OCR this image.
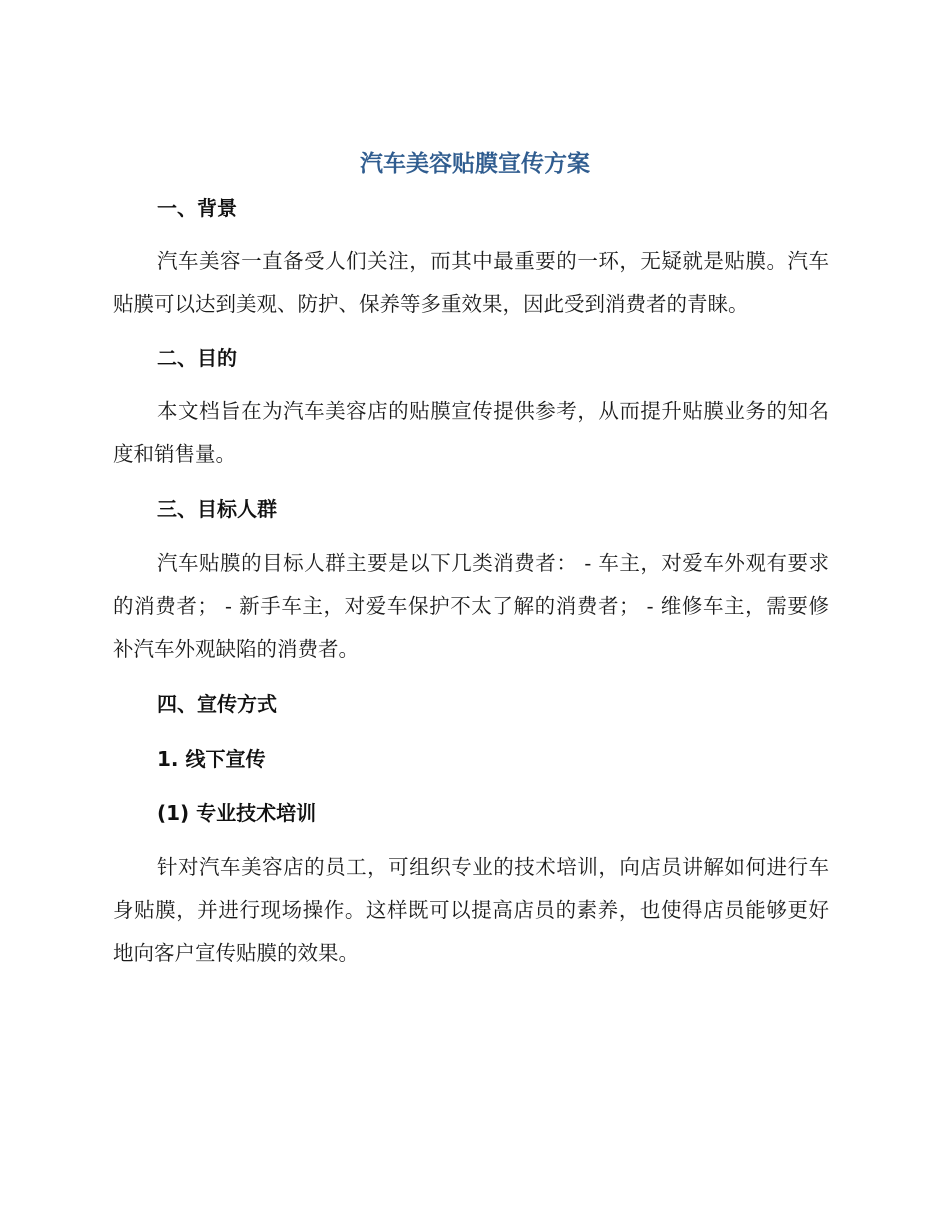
汽车美容贴膜宣传方案
一、背景

汽车美容一直备受人们关注，而其中最重要的一环，无疑就是贴膜。汽车贴膜可以达到美观、防护、保养等多重效果，因此受到消费者的青睐。

二、目的

本文档旨在为汽车美容店的贴膜宣传提供参考，从而提升贴膜业务的知名度和销售量。

三、目标人群

汽车贴膜的目标人群主要是以下几类消费者： - 车主，对爱车外观有要求的消费者； - 新手车主，对爱车保护不太了解的消费者； - 维修车主，需要修补汽车外观缺陷的消费者。

四、宣传方式
1. 线下宣传
(1) 专业技术培训

针对汽车美容店的员工，可组织专业的技术培训，向店员讲解如何进行车身贴膜，并进行现场操作。这样既可以提高店员的素养，也使得店员能够更好地向客户宣传贴膜的效果。
